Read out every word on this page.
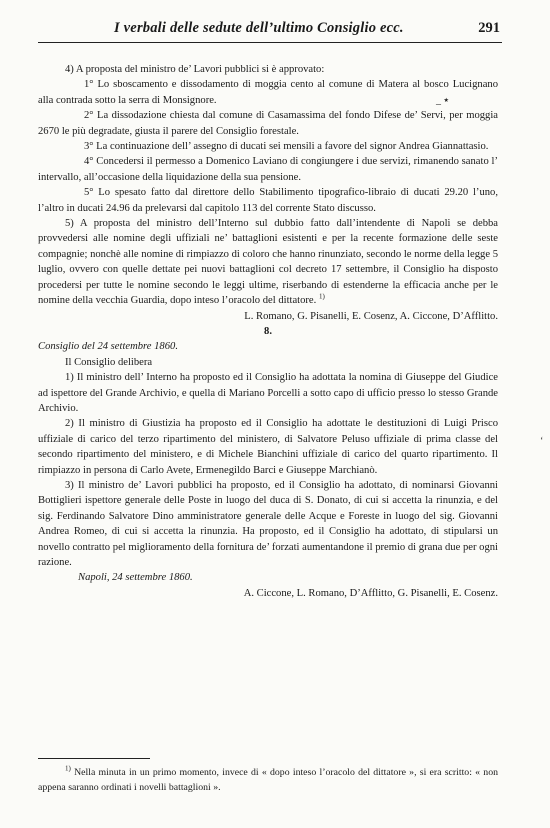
I verbali delle sedute dell’ultimo Consiglio ecc.	291
_ ٭
‘

4) A proposta del ministro de’ Lavori pubblici si è approvato:

1° Lo sboscamento e dissodamento di moggia cento al comune di Matera al bosco Lucignano alla contrada sotto la serra di Monsignore.

2° La dissodazione chiesta dal comune di Casamassima del fondo Difese de’ Servi, per moggia 2670 le più degradate, giusta il parere del Consiglio forestale.

3° La continuazione dell’ assegno di ducati sei mensili a favore del signor Andrea Giannattasio.

4° Concedersi il permesso a Domenico Laviano di congiungere i due servizi, rimanendo sanato l’ intervallo, all’occasione della liquidazione della sua pensione.

5° Lo spesato fatto dal direttore dello Stabilimento tipografico-libraio di ducati 29.20 l’uno, l’altro in ducati 24.96 da prelevarsi dal capitolo 113 del corrente Stato discusso.

5) A proposta del ministro dell’Interno sul dubbio fatto dall’intendente di Napoli se debba provvedersi alle nomine degli uffiziali ne’ battaglioni esistenti e per la recente formazione delle seste compagnie; nonchè alle nomine di rimpiazzo di coloro che hanno rinunziato, secondo le norme della legge 5 luglio, ovvero con quelle dettate pei nuovi battaglioni col decreto 17 settembre, il Consiglio ha disposto procedersi per tutte le nomine secondo le leggi ultime, riserbando di estenderne la efficacia anche per le nomine della vecchia Guardia, dopo inteso l’oracolo del dittatore. $^{1)}$

L. Romano, G. Pisanelli, E. Cosenz, A. Ciccone, D’Afflitto.

8.

Consiglio del 24 settembre 1860.

Il Consiglio delibera

1) Il ministro dell’ Interno ha proposto ed il Consiglio ha adottata la nomina di Giuseppe del Giudice ad ispettore del Grande Archivio, e quella di Mariano Porcelli a sotto capo di ufficio presso lo stesso Grande Archivio.

2) Il ministro di Giustizia ha proposto ed il Consiglio ha adottate le destituzioni di Luigi Prisco uffiziale di carico del terzo ripartimento del ministero, di Salvatore Peluso uffiziale di prima classe del secondo ripartimento del ministero, e di Michele Bianchini uffiziale di carico del quarto ripartimento. Il rimpiazzo in persona di Carlo Avete, Ermenegildo Barci e Giuseppe Marchianò.

3) Il ministro de’ Lavori pubblici ha proposto, ed il Consiglio ha adottato, di nominarsi Giovanni Bottiglieri ispettore generale delle Poste in luogo del duca di S. Donato, di cui si accetta la rinunzia, e del sig. Ferdinando Salvatore Dino amministratore generale delle Acque e Foreste in luogo del sig. Giovanni Andrea Romeo, di cui si accetta la rinunzia. Ha proposto, ed il Consiglio ha adottato, di stipularsi un novello contratto pel miglioramento della fornitura de’ forzati aumentandone il premio di grana due per ogni razione.

Napoli, 24 settembre 1860.

A. Ciccone, L. Romano, D’Afflitto, G. Pisanelli, E. Cosenz.

$^{1)}$ Nella minuta in un primo momento, invece di « dopo inteso l’oracolo del dittatore », si era scritto: « non appena saranno ordinati i novelli battaglioni ».
